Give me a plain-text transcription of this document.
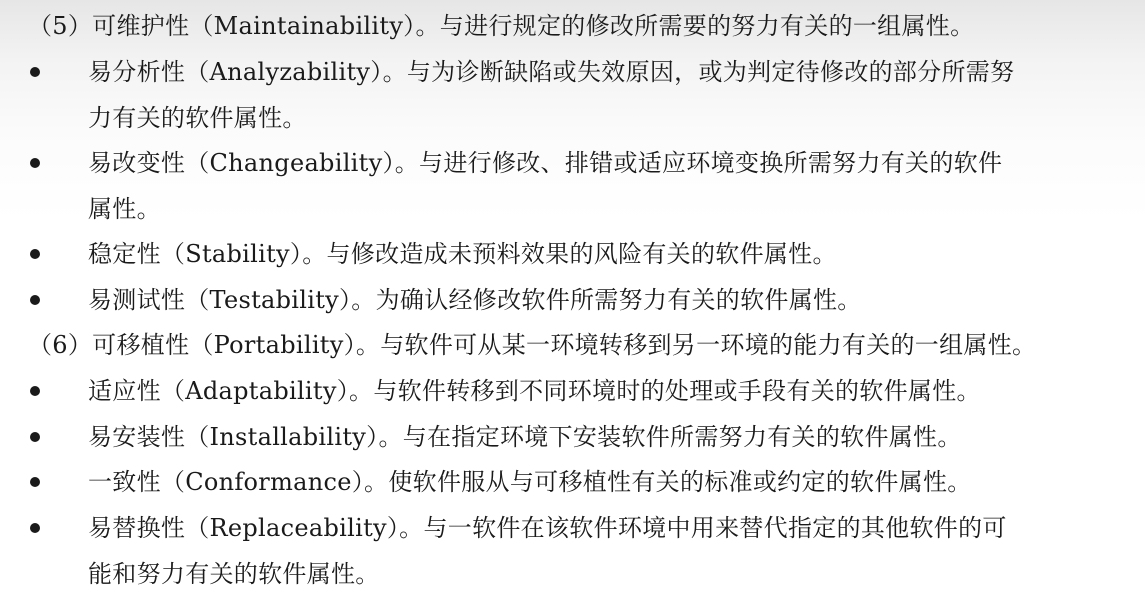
（5）可维护性（Maintainability）。与进行规定的修改所需要的努力有关的一组属性。
易分析性（Analyzability）。与为诊断缺陷或失效原因，或为判定待修改的部分所需努
力有关的软件属性。
易改变性（Changeability）。与进行修改、排错或适应环境变换所需努力有关的软件
属性。
稳定性（Stability）。与修改造成未预料效果的风险有关的软件属性。
易测试性（Testability）。为确认经修改软件所需努力有关的软件属性。
（6）可移植性（Portability）。与软件可从某一环境转移到另一环境的能力有关的一组属性。
适应性（Adaptability）。与软件转移到不同环境时的处理或手段有关的软件属性。
易安装性（Installability）。与在指定环境下安装软件所需努力有关的软件属性。
一致性（Conformance）。使软件服从与可移植性有关的标准或约定的软件属性。
易替换性（Replaceability）。与一软件在该软件环境中用来替代指定的其他软件的可
能和努力有关的软件属性。
